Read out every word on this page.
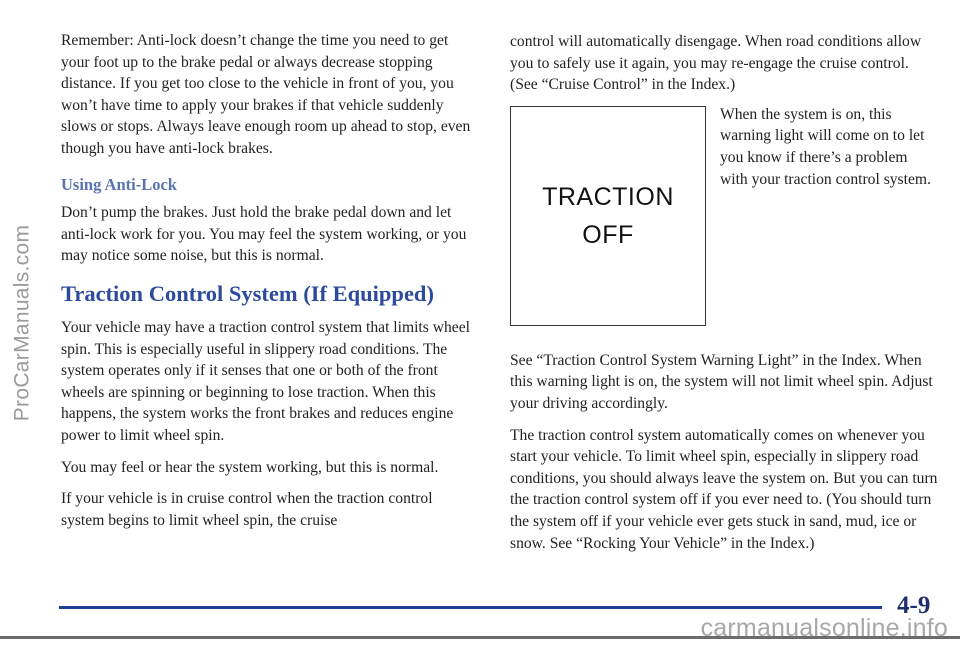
ProCarManuals.com

Remember: Anti-lock doesn’t change the time you need to get your foot up to the brake pedal or always decrease stopping distance. If you get too close to the vehicle in front of you, you won’t have time to apply your brakes if that vehicle suddenly slows or stops. Always leave enough room up ahead to stop, even though you have anti-lock brakes.

Using Anti-Lock

Don’t pump the brakes. Just hold the brake pedal down and let anti-lock work for you. You may feel the system working, or you may notice some noise, but this is normal.

Traction Control System (If Equipped)

Your vehicle may have a traction control system that limits wheel spin. This is especially useful in slippery road conditions. The system operates only if it senses that one or both of the front wheels are spinning or beginning to lose traction. When this happens, the system works the front brakes and reduces engine power to limit wheel spin.

You may feel or hear the system working, but this is normal.

If your vehicle is in cruise control when the traction control system begins to limit wheel spin, the cruise

control will automatically disengage. When road conditions allow you to safely use it again, you may re-engage the cruise control. (See “Cruise Control” in the Index.)

TRACTION
OFF
When the system is on, this warning light will come on to let you know if there’s a problem with your traction control system.

See “Traction Control System Warning Light” in the Index. When this warning light is on, the system will not limit wheel spin. Adjust your driving accordingly.

The traction control system automatically comes on whenever you start your vehicle. To limit wheel spin, especially in slippery road conditions, you should always leave the system on. But you can turn the traction control system off if you ever need to. (You should turn the system off if your vehicle ever gets stuck in sand, mud, ice or snow. See “Rocking Your Vehicle” in the Index.)

4-9
carmanualsonline.info
